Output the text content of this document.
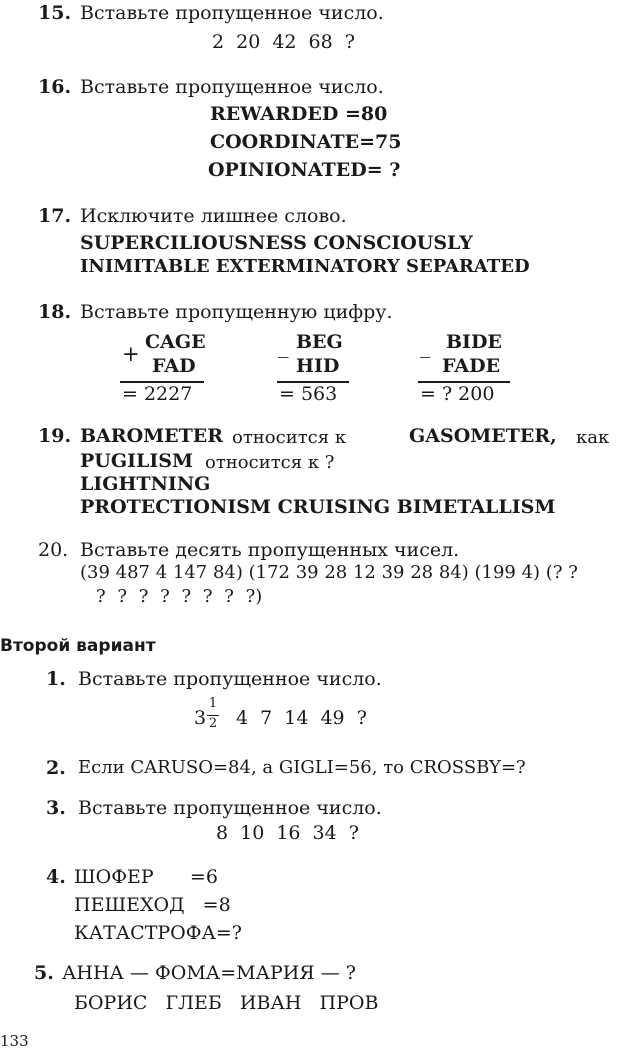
15. Вставьте пропущенное число.
2 20 42 68 ?
16. Вставьте пропущенное число.
REWARDED =80
COORDINATE=75
OPINIONATED= ?
17. Исключите лишнее слово.
SUPERCILIOUSNESS CONSCIOUSLY
INIMITABLE EXTERMINATORY SEPARATED
18. Вставьте пропущенную цифру.
+ CAGE
FAD
= 2227
_ BEG
HID
= 563
_ BIDE
FADE
= ? 200
19. BAROMETER относится к	GASOMETER, как
PUGILISM относится к ?
LIGHTNING
PROTECTIONISM CRUISING BIMETALLISM
20. Вставьте десять пропущенных чисел.
(39 487 4 147 84) (172 39 28 12 39 28 84) (199 4) (? ?
? ? ? ? ? ? ? ?)
Второй вариант
1. Вставьте пропущенное число.
3
1
2 4 7 14 49 ?
2. Если CARUSO=84, а GIGLI=56, то CROSSBY=?
3. Вставьте пропущенное число.
8 10 16 34 ?
4. ШОФЕР      =6
ПЕШЕХОД   =8
КАТАСТРОФА=?
5. АННА — ФОМА=МАРИЯ — ?
БОРИС   ГЛЕБ   ИВАН   ПРОВ
133
